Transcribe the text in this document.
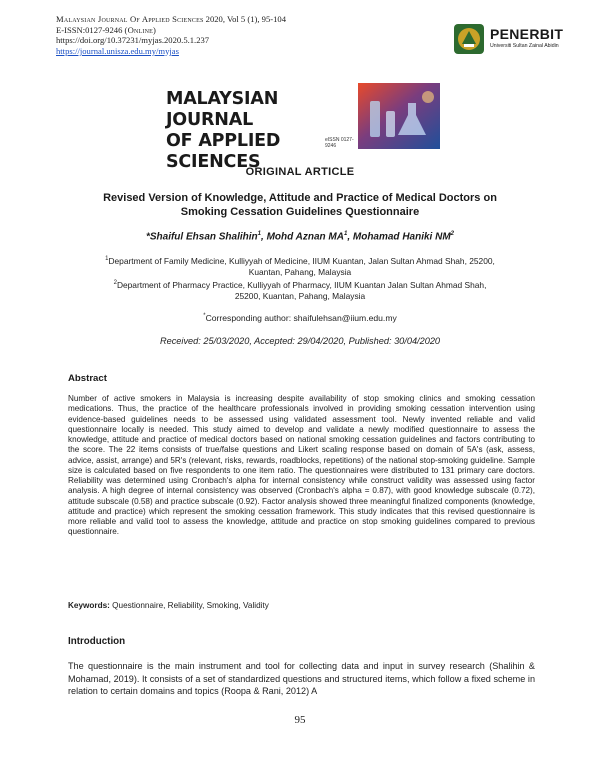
Malaysian Journal Of Applied Sciences 2020, Vol 5 (1), 95-104
E-ISSN:0127-9246 (Online)
https://doi.org/10.37231/myjas.2020.5.1.237
https://journal.unisza.edu.my/myjas
PENERBIT
Universiti Sultan Zainal Abidin
MALAYSIAN JOURNAL
OF APPLIED SCIENCES
eISSN 0127-9246
ORIGINAL ARTICLE
Revised Version of Knowledge, Attitude and Practice of Medical Doctors on
Smoking Cessation Guidelines Questionnaire
*Shaiful Ehsan Shalihin$^1$, Mohd Aznan $MA^1$, Mohamad Haniki $NM^2$
$^1$Department of Family Medicine, Kulliyyah of Medicine, IIUM Kuantan, Jalan Sultan Ahmad Shah, 25200,
Kuantan, Pahang, Malaysia
$^2$Department of Pharmacy Practice, Kulliyyah of Pharmacy, IIUM Kuantan Jalan Sultan Ahmad Shah,
25200, Kuantan, Pahang, Malaysia
*Corresponding author: shaifulehsan@iium.edu.my
Received: 25/03/2020, Accepted: 29/04/2020, Published: 30/04/2020
Abstract
Number of active smokers in Malaysia is increasing despite availability of stop smoking clinics and smoking cessation medications. Thus, the practice of the healthcare professionals involved in providing smoking cessation intervention using evidence-based guidelines needs to be assessed using validated assessment tool. Newly invented reliable and valid questionnaire locally is needed. This study aimed to develop and validate a newly modified questionnaire to assess the knowledge, attitude and practice of medical doctors based on national smoking cessation guidelines and factors contributing to the score. The 22 items consists of true/false questions and Likert scaling response based on domain of 5A's (ask, assess, advice, assist, arrange) and 5R's (relevant, risks, rewards, roadblocks, repetitions) of the national stop-smoking guideline. Sample size is calculated based on five respondents to one item ratio. The questionnaires were distributed to 131 primary care doctors. Reliability was determined using Cronbach's alpha for internal consistency while construct validity was assessed using factor analysis. A high degree of internal consistency was observed (Cronbach's alpha = 0.87), with good knowledge subscale (0.72), attitude subscale (0.58) and practice subscale (0.92). Factor analysis showed three meaningful finalized components (knowledge, attitude and practice) which represent the smoking cessation framework. This study indicates that this revised questionnaire is more reliable and valid tool to assess the knowledge, attitude and practice on stop smoking guidelines compared to previous questionnaire.
Keywords: Questionnaire, Reliability, Smoking, Validity
Introduction
The questionnaire is the main instrument and tool for collecting data and input in survey research (Shalihin & Mohamad, 2019). It consists of a set of standardized questions and structured items, which follow a fixed scheme in relation to certain domains and topics (Roopa & Rani, 2012) A
95
